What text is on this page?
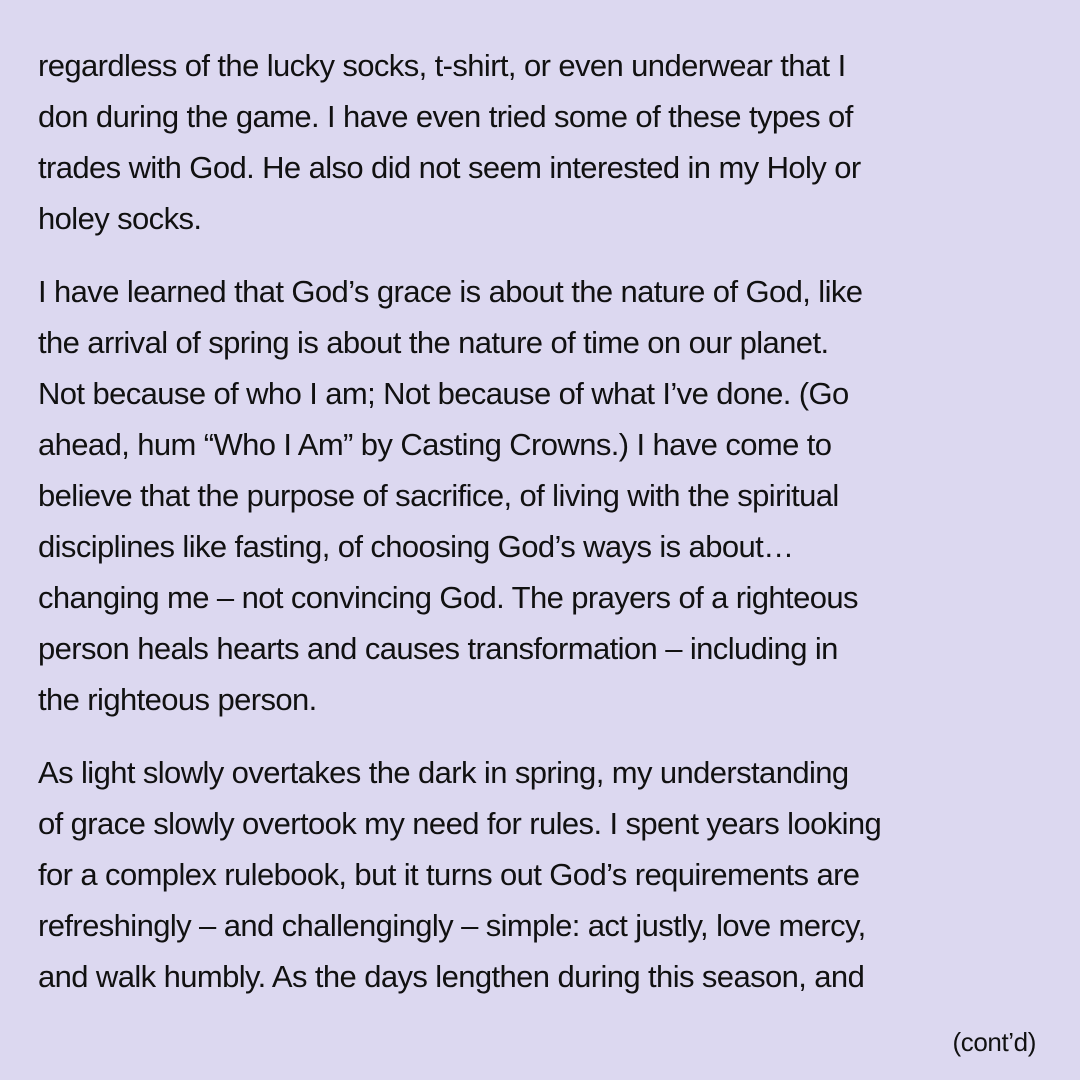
regardless of the lucky socks, t-shirt, or even underwear that I
don during the game. I have even tried some of these types of
trades with God. He also did not seem interested in my Holy or
holey socks.

I have learned that God’s grace is about the nature of God, like
the arrival of spring is about the nature of time on our planet.
Not because of who I am; Not because of what I’ve done. (Go
ahead, hum “Who I Am” by Casting Crowns.) I have come to
believe that the purpose of sacrifice, of living with the spiritual
disciplines like fasting, of choosing God’s ways is about…
changing me – not convincing God. The prayers of a righteous
person heals hearts and causes transformation – including in
the righteous person.

As light slowly overtakes the dark in spring, my understanding
of grace slowly overtook my need for rules. I spent years looking
for a complex rulebook, but it turns out God’s requirements are
refreshingly – and challengingly – simple: act justly, love mercy,
and walk humbly. As the days lengthen during this season, and

(cont’d)
